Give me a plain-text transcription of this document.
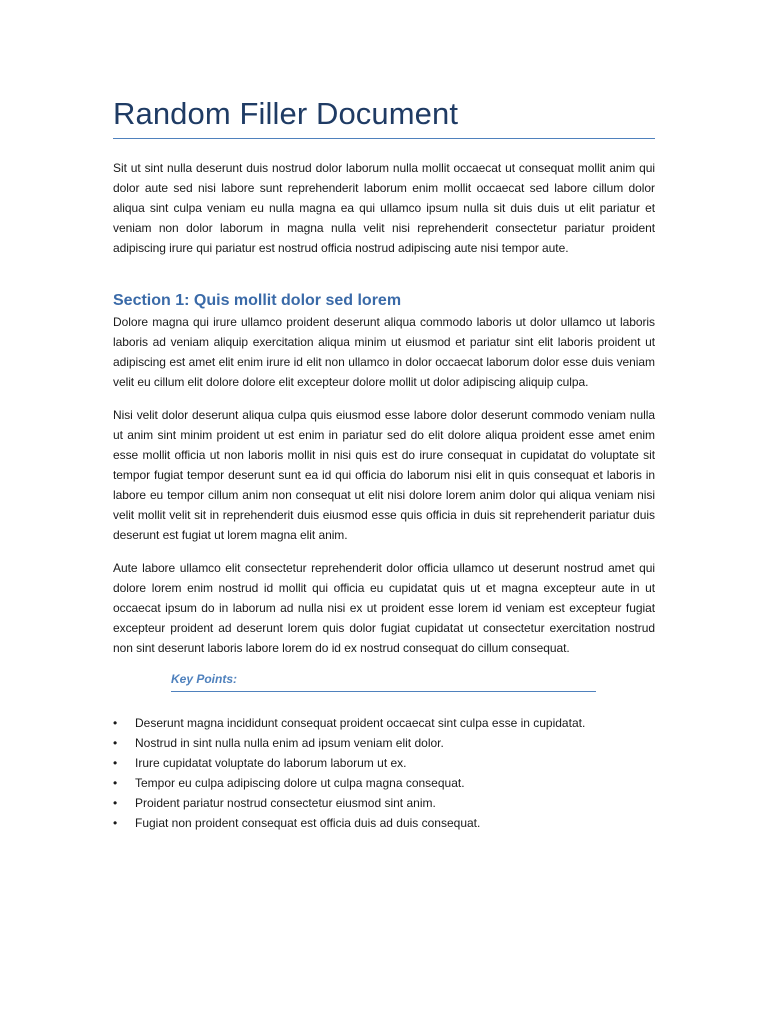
Random Filler Document

Sit ut sint nulla deserunt duis nostrud dolor laborum nulla mollit occaecat ut consequat mollit anim qui dolor aute sed nisi labore sunt reprehenderit laborum enim mollit occaecat sed labore cillum dolor aliqua sint culpa veniam eu nulla magna ea qui ullamco ipsum nulla sit duis duis ut elit pariatur et veniam non dolor laborum in magna nulla velit nisi reprehenderit consectetur pariatur proident adipiscing irure qui pariatur est nostrud officia nostrud adipiscing aute nisi tempor aute.

Section 1: Quis mollit dolor sed lorem

Dolore magna qui irure ullamco proident deserunt aliqua commodo laboris ut dolor ullamco ut laboris laboris ad veniam aliquip exercitation aliqua minim ut eiusmod et pariatur sint elit laboris proident ut adipiscing est amet elit enim irure id elit non ullamco in dolor occaecat laborum dolor esse duis veniam velit eu cillum elit dolore dolore elit excepteur dolore mollit ut dolor adipiscing aliquip culpa.

Nisi velit dolor deserunt aliqua culpa quis eiusmod esse labore dolor deserunt commodo veniam nulla ut anim sint minim proident ut est enim in pariatur sed do elit dolore aliqua proident esse amet enim esse mollit officia ut non laboris mollit in nisi quis est do irure consequat in cupidatat do voluptate sit tempor fugiat tempor deserunt sunt ea id qui officia do laborum nisi elit in quis consequat et laboris in labore eu tempor cillum anim non consequat ut elit nisi dolore lorem anim dolor qui aliqua veniam nisi velit mollit velit sit in reprehenderit duis eiusmod esse quis officia in duis sit reprehenderit pariatur duis deserunt est fugiat ut lorem magna elit anim.

Aute labore ullamco elit consectetur reprehenderit dolor officia ullamco ut deserunt nostrud amet qui dolore lorem enim nostrud id mollit qui officia eu cupidatat quis ut et magna excepteur aute in ut occaecat ipsum do in laborum ad nulla nisi ex ut proident esse lorem id veniam est excepteur fugiat excepteur proident ad deserunt lorem quis dolor fugiat cupidatat ut consectetur exercitation nostrud non sint deserunt laboris labore lorem do id ex nostrud consequat do cillum consequat.

Key Points:
• Deserunt magna incididunt consequat proident occaecat sint culpa esse in cupidatat.
• Nostrud in sint nulla nulla enim ad ipsum veniam elit dolor.
• Irure cupidatat voluptate do laborum laborum ut ex.
• Tempor eu culpa adipiscing dolore ut culpa magna consequat.
• Proident pariatur nostrud consectetur eiusmod sint anim.
• Fugiat non proident consequat est officia duis ad duis consequat.
